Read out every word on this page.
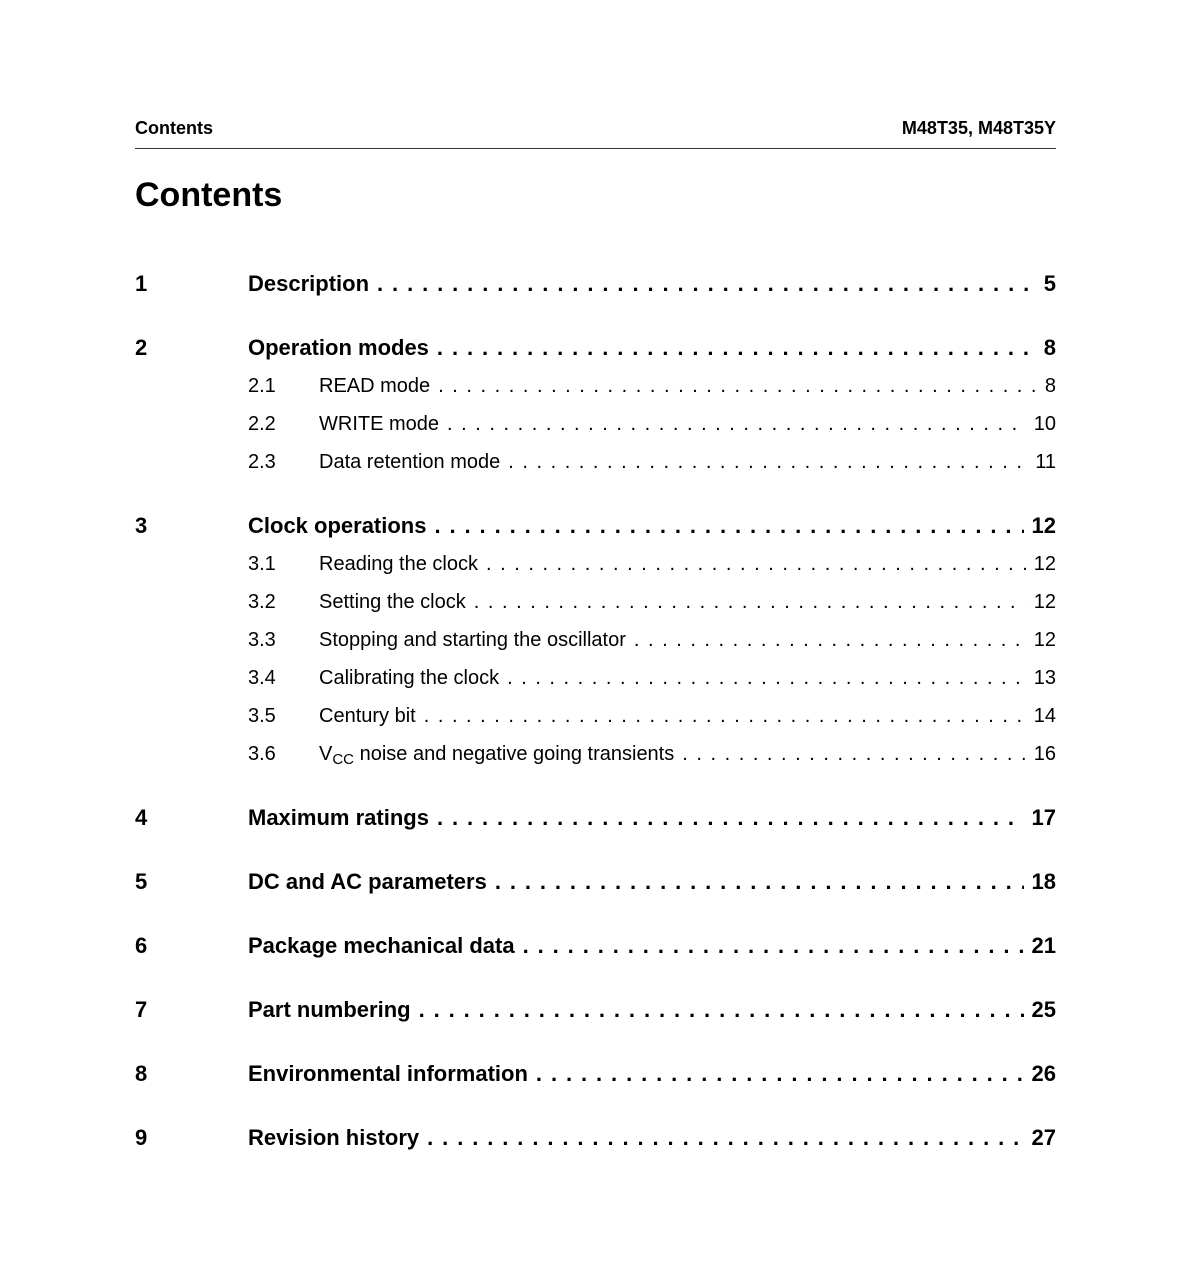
Contents	M48T35, M48T35Y
Contents
1	Description . . .	5
2	Operation modes . . .	8
2.1	READ mode . . .	8
2.2	WRITE mode . . .	10
2.3	Data retention mode . . .	11
3	Clock operations . . .	12
3.1	Reading the clock . . .	12
3.2	Setting the clock . . .	12
3.3	Stopping and starting the oscillator . . .	12
3.4	Calibrating the clock . . .	13
3.5	Century bit . . .	14
3.6	$V_{CC}$ noise and negative going transients . . .	16
4	Maximum ratings . . .	17
5	DC and AC parameters . . .	18
6	Package mechanical data . . .	21
7	Part numbering . . .	25
8	Environmental information . . .	26
9	Revision history . . .	27
